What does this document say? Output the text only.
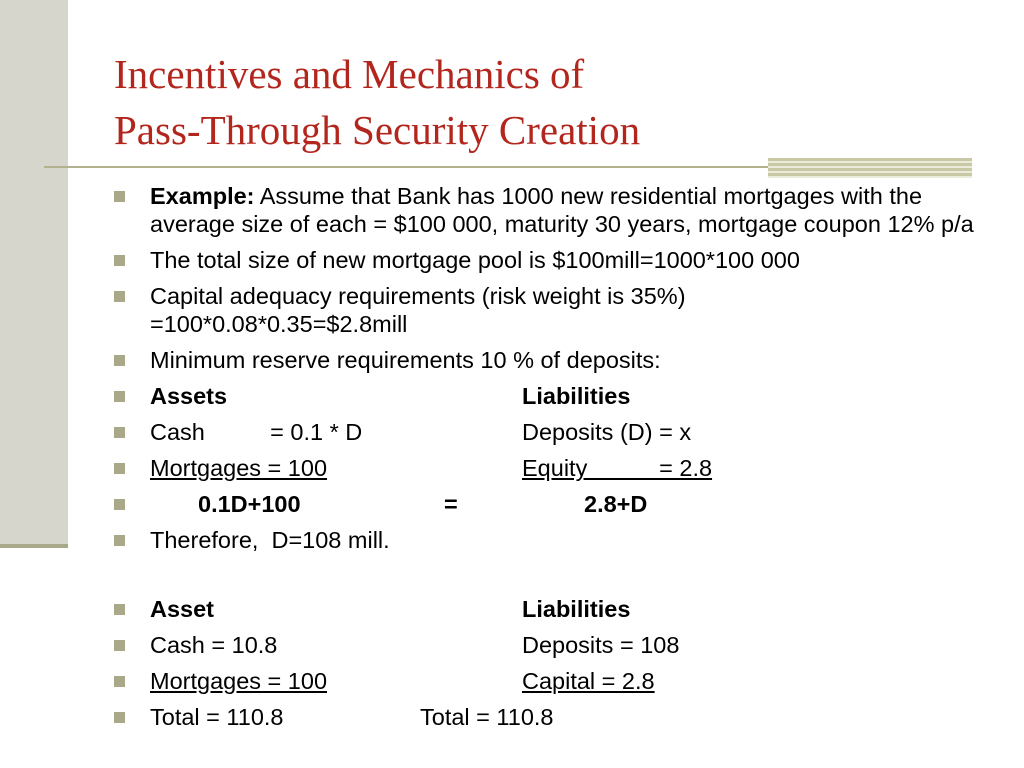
Incentives and Mechanics of
Pass-Through Security Creation
Example: Assume that Bank has 1000 new residential mortgages with the average size of each = $100 000, maturity 30 years, mortgage coupon 12% p/a
The total size of new mortgage pool is $100mill=1000*100 000
Capital adequacy requirements (risk weight is 35%)
=100*0.08*0.35=$2.8mill
Minimum reserve requirements 10 % of deposits:
Assets	Liabilities
Cash          = 0.1 * D	Deposits (D) = x
Mortgages = 100	Equity           = 2.8
0.1D+100	=	2.8+D
Therefore,  D=108 mill.
Asset	Liabilities
Cash = 10.8	Deposits = 108
Mortgages = 100	Capital = 2.8
Total = 110.8	Total = 110.8
